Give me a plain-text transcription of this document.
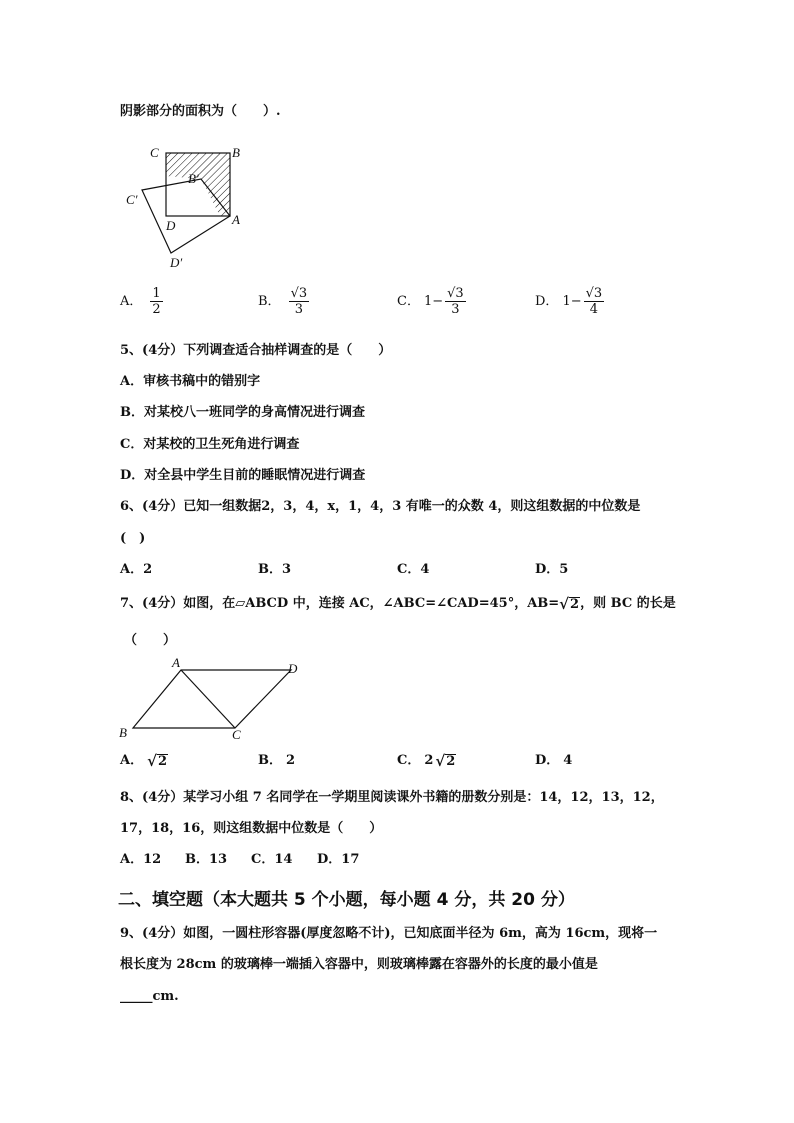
阴影部分的面积为（　　）.
C	B
B′
C′
D	A
D′
A． $\frac{1}{2}$	B． $\frac{√3}{3}$	C． $1- \frac{√3}{3}$	D． $1- \frac{√3}{4}$
5、(4分）下列调查适合抽样调查的是（　　）
A．审核书稿中的错别字
B．对某校八一班同学的身高情况进行调查
C．对某校的卫生死角进行调查
D．对全县中学生目前的睡眠情况进行调查
6、(4分）已知一组数据2，3，4，x，1，4，3 有唯一的众数 4，则这组数据的中位数是
(　)
A．2	B．3	C．4	D．5
7、(4分）如图，在▱ABCD 中，连接 AC，∠ABC=∠CAD=45°，AB= √ 2 ，则 BC 的长是
（　　）
A	D
B	C
A． √ 2	B． 2	C． 2 √ 2	D． 4
8、(4分）某学习小组 7 名同学在一学期里阅读课外书籍的册数分别是：14，12，13，12，
17，18，16，则这组数据中位数是（　　）
A．12 B．13 C．14 D．17
二、填空题（本大题共 5 个小题，每小题 4 分，共 20 分）
9、(4分）如图，一圆柱形容器(厚度忽略不计)，已知底面半径为 6m，高为 16cm，现将一
根长度为 28cm 的玻璃棒一端插入容器中，则玻璃棒露在容器外的长度的最小值是
_____cm.
